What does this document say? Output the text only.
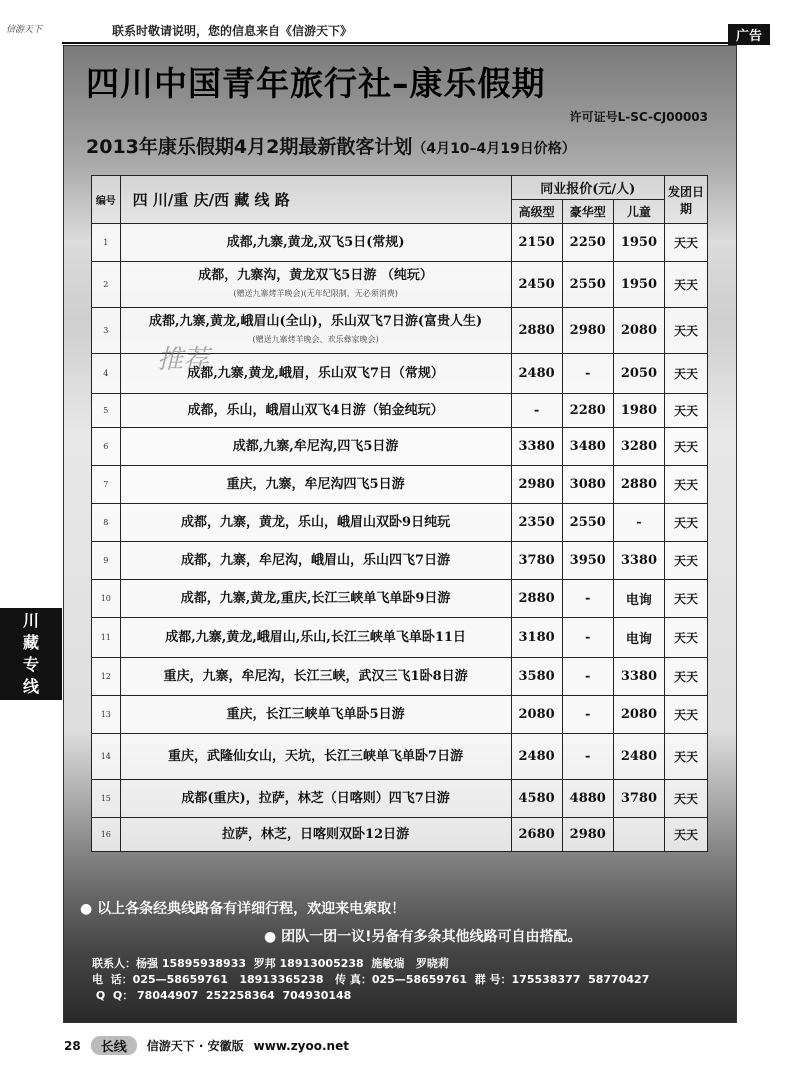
信游天下	联系时敬请说明，您的信息来自《信游天下》	广告
川
藏
专
线
四川中国青年旅行社–康乐假期
许可证号L-SC-CJ00003
2013年康乐假期4月2期最新散客计划（4月10–4月19日价格）
编号	四 川/重 庆/西 藏 线 路	同业报价(元/人)			发团日期
		高级型	豪华型	儿童	
1	成都,九寨,黄龙,双飞5日(常规)	2150	2250	1950	天天
2	成都，九寨沟，黄龙双飞5日游 （纯玩）
(赠送九寨烤羊晚会)(无年纪限制，无必须消费)	2450	2550	1950	天天
3	成都,九寨,黄龙,峨眉山(全山)，乐山双飞7日游(富贵人生)
(赠送九寨烤羊晚会、欢乐彝家晚会)	2880	2980	2080	天天
4	成都,九寨,黄龙,峨眉，乐山双飞7日（常规）	2480	-	2050	天天
5	成都，乐山，峨眉山双飞4日游（铂金纯玩）	-	2280	1980	天天
6	成都,九寨,牟尼沟,四飞5日游	3380	3480	3280	天天
7	重庆，九寨，牟尼沟四飞5日游	2980	3080	2880	天天
8	成都，九寨，黄龙，乐山，峨眉山双卧9日纯玩	2350	2550	-	天天
9	成都，九寨，牟尼沟，峨眉山，乐山四飞7日游	3780	3950	3380	天天
10	成都，九寨,黄龙,重庆,长江三峡单飞单卧9日游	2880	-	电询	天天
11	成都,九寨,黄龙,峨眉山,乐山,长江三峡单飞单卧11日	3180	-	电询	天天
12	重庆，九寨，牟尼沟，长江三峡，武汉三飞1卧8日游	3580	-	3380	天天
13	重庆，长江三峡单飞单卧5日游	2080	-	2080	天天
14	重庆，武隆仙女山，天坑，长江三峡单飞单卧7日游	2480	-	2480	天天
15	成都(重庆)，拉萨，林芝（日喀则）四飞7日游	4580	4880	3780	天天
16	拉萨，林芝，日喀则双卧12日游	2680	2980		天天
推荐
● 以上各条经典线路备有详细行程，欢迎来电索取！
● 团队一团一议!另备有多条其他线路可自由搭配。
联系人：杨强 15895938933  罗邦 18913005238  施敏瑞   罗晓莉
电  话：025—58659761   18913365238   传 真：025—58659761  群 号：175538377  58770427
Q  Q： 78044907  252258364  704930148
28	长线	信游天下 · 安徽版 www.zyoo.net
